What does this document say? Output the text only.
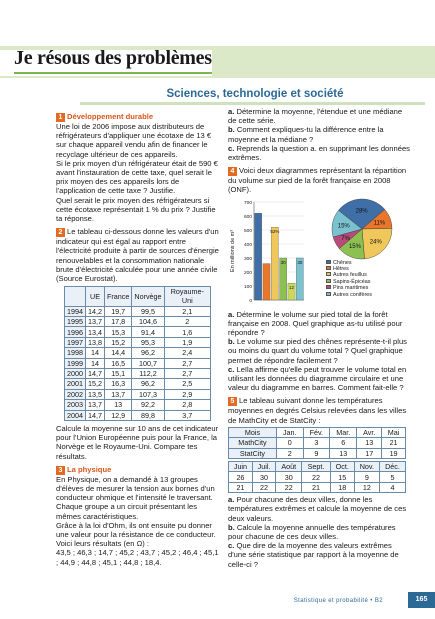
Je résous des problèmes
Sciences, technologie et société
1 Développement durable
Une loi de 2006 impose aux distributeurs de réfrigérateurs d'appliquer une écotaxe de 13 € sur chaque appareil vendu afin de financer le recyclage ultérieur de ces appareils.
Si le prix moyen d'un réfrigérateur était de 590 € avant l'instauration de cette taxe, quel serait le prix moyen des ces appareils lors de l'application de cette taxe ? Justifie.
Quel serait le prix moyen des réfrigérateurs si cette écotaxe représentait 1 % du prix ? Justifie ta réponse.
2 Le tableau ci-dessous donne les valeurs d'un indicateur qui est égal au rapport entre l'électricité produite à partir de sources d'énergie renouvelables et la consommation nationale brute d'électricité calculée pour une année civile (Source Eurostat).
	UE	France	Norvège	Royaume-Uni
1994	14,2	19,7	99,5	2,1
1995	13,7	17,8	104,6	2
1996	13,4	15,3	91,4	1,6
1997	13,8	15,2	95,3	1,9
1998	14	14,4	96,2	2,4
1999	14	16,5	100,7	2,7
2000	14,7	15,1	112,2	2,7
2001	15,2	16,3	96,2	2,5
2002	13,5	13,7	107,3	2,9
2003	13,7	13	92,2	2,8
2004	14,7	12,9	89,8	3,7
Calcule la moyenne sur 10 ans de cet indicateur pour l'Union Européenne puis pour la France, la Norvège et le Royaume-Uni. Compare tes résultats.
3 La physique
En Physique, on a demandé à 13 groupes d'élèves de mesurer la tension aux bornes d'un conducteur ohmique et l'intensité le traversant.
Chaque groupe a un circuit présentant les mêmes caractéristiques.
Grâce à la loi d'Ohm, ils ont ensuite pu donner une valeur pour la résistance de ce conducteur.
Voici leurs résultats (en Ω) :
43,5 ; 46,3 ; 14,7 ; 45,2 ; 43,7 ; 45,2 ; 46,4 ; 45,1 ; 44,9 ; 44,8 ; 45,1 ; 44,8 ; 18,4.
a. Détermine la moyenne, l'étendue et une médiane de cette série.
b. Comment expliques-tu la différence entre la moyenne et la médiane ?
c. Reprends la question a. en supprimant les données extrêmes.
4 Voici deux diagrammes représentant la répartition du volume sur pied de la forêt française en 2008 (ONF).
En millions de m³
0
100
200
300
400
500
600
700
52%
30
12
30
28%
11%
24%
15%
7%
15%
Chênes
Hêtres
Autres feuillus
Sapins-Épicéas
Pins maritimes
Autres conifères
a. Détermine le volume sur pied total de la forêt française en 2008. Quel graphique as-tu utilisé pour répondre ?
b. Le volume sur pied des chênes représente-t-il plus ou moins du quart du volume total ? Quel graphique permet de répondre facilement ?
c. Leïla affirme qu'elle peut trouver le volume total en utilisant les données du diagramme circulaire et une valeur du diagramme en barres. Comment fait-elle ?
5 Le tableau suivant donne les températures moyennes en degrés Celsius relevées dans les villes de MathCity et de StatCity :
Mois	Jan.	Fév.	Mar.	Avr.	Mai
MathCity	0	3	6	13	21
StatCity	2	9	13	17	19
Juin	Juil.	Août	Sept.	Oct.	Nov.	Déc.
26	30	30	22	15	9	5
21	22	22	21	18	12	4
a. Pour chacune des deux villes, donne les températures extrêmes et calcule la moyenne de ces deux valeurs.
b. Calcule la moyenne annuelle des températures pour chacune de ces deux villes.
c. Que dire de la moyenne des valeurs extrêmes d'une série statistique par rapport à la moyenne de celle-ci ?
Statistique et probabilité • B2	165
